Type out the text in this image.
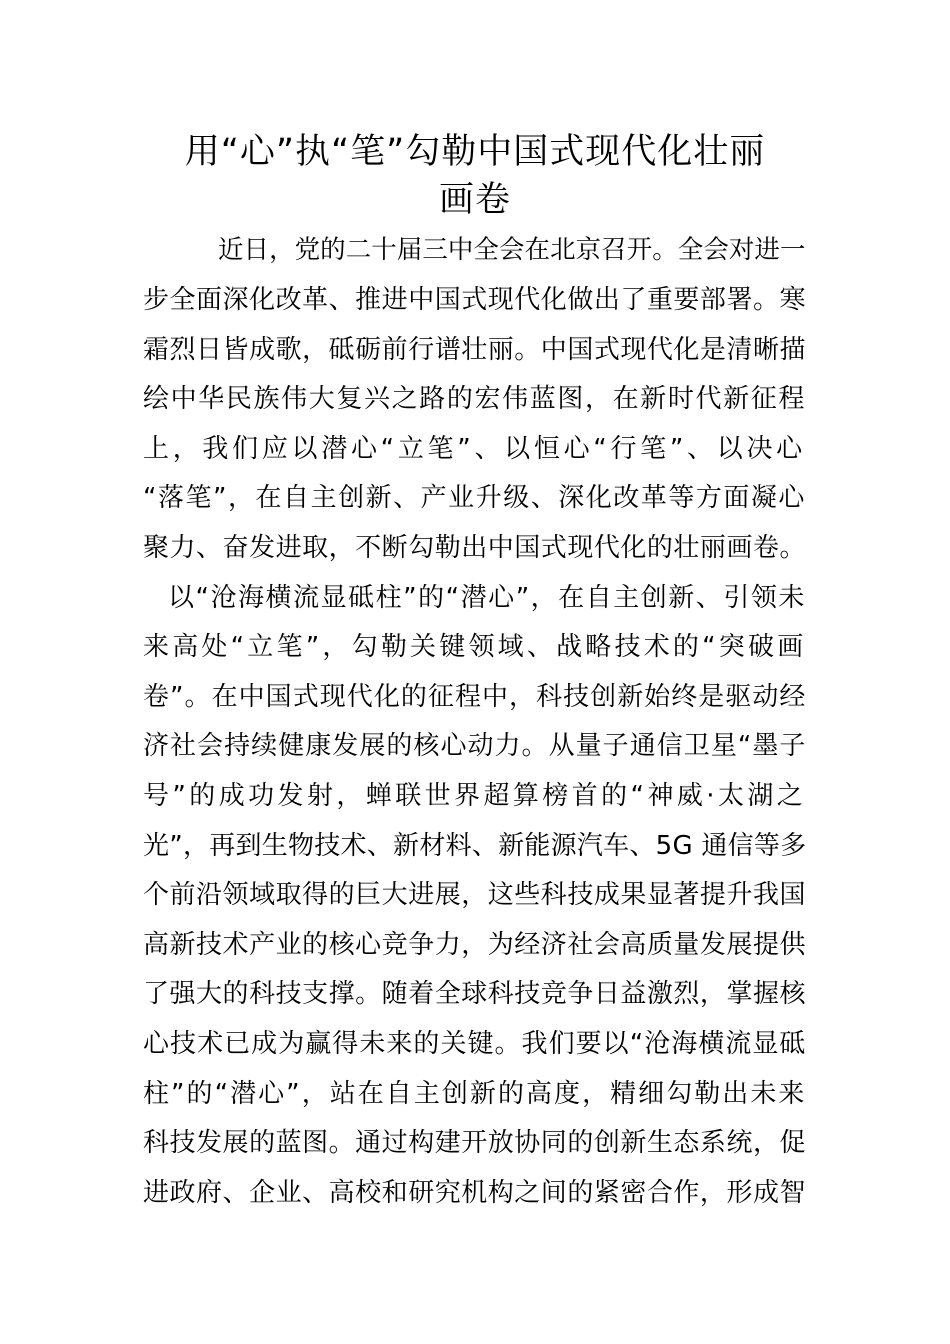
用“心”执“笔”勾勒中国式现代化壮丽
画卷

近日，党的二十届三中全会在北京召开。全会对进一

步全面深化改革、推进中国式现代化做出了重要部署。寒

霜烈日皆成歌，砥砺前行谱壮丽。中国式现代化是清晰描

绘中华民族伟大复兴之路的宏伟蓝图，在新时代新征程

上，我们应以潜心“立笔”、以恒心“行笔”、以决心

“落笔”，在自主创新、产业升级、深化改革等方面凝心

聚力、奋发进取，不断勾勒出中国式现代化的壮丽画卷。

以“沧海横流显砥柱”的“潜心”，在自主创新、引领未

来高处“立笔”，勾勒关键领域、战略技术的“突破画

卷”。在中国式现代化的征程中，科技创新始终是驱动经

济社会持续健康发展的核心动力。从量子通信卫星“墨子

号”的成功发射，蝉联世界超算榜首的“神威·太湖之

光”，再到生物技术、新材料、新能源汽车、5G 通信等多

个前沿领域取得的巨大进展，这些科技成果显著提升我国

高新技术产业的核心竞争力，为经济社会高质量发展提供

了强大的科技支撑。随着全球科技竞争日益激烈，掌握核

心技术已成为赢得未来的关键。我们要以“沧海横流显砥

柱”的“潜心”，站在自主创新的高度，精细勾勒出未来

科技发展的蓝图。通过构建开放协同的创新生态系统，促

进政府、企业、高校和研究机构之间的紧密合作，形成智
